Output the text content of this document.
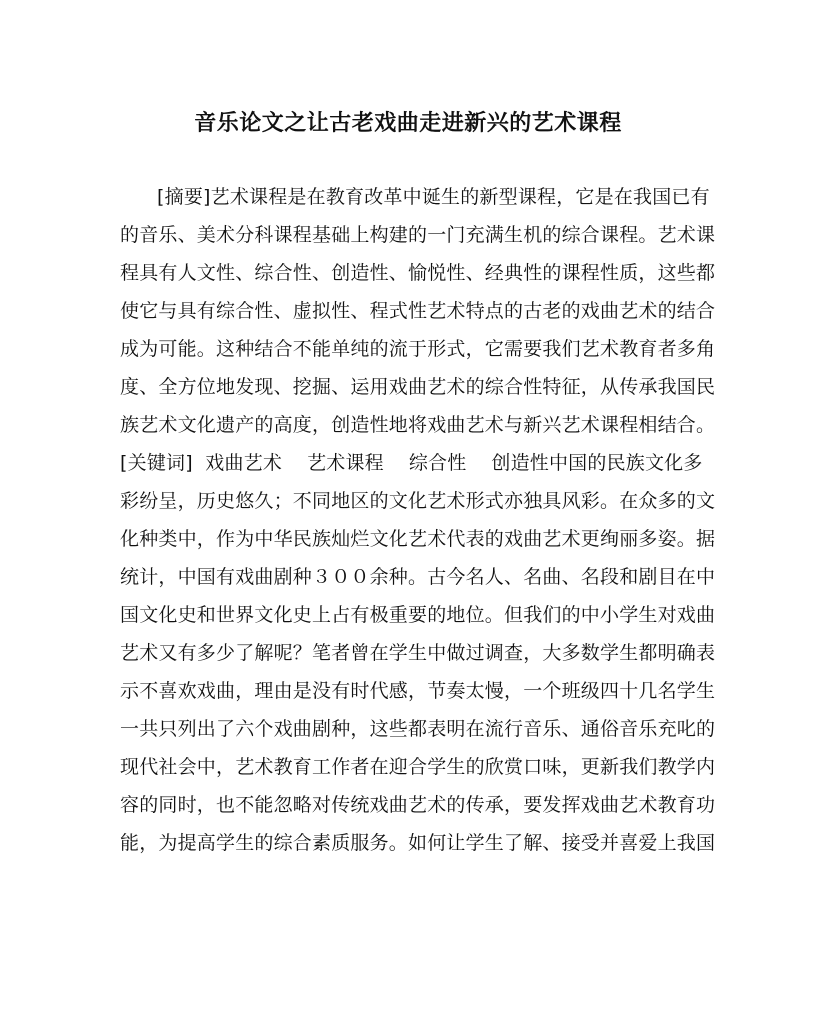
音乐论文之让古老戏曲走进新兴的艺术课程
[摘要]艺术课程是在教育改革中诞生的新型课程，它是在我国已有
的音乐、美术分科课程基础上构建的一门充满生机的综合课程。艺术课
程具有人文性、综合性、创造性、愉悦性、经典性的课程性质，这些都
使它与具有综合性、虚拟性、程式性艺术特点的古老的戏曲艺术的结合
成为可能。这种结合不能单纯的流于形式，它需要我们艺术教育者多角
度、全方位地发现、挖掘、运用戏曲艺术的综合性特征，从传承我国民
族艺术文化遗产的高度，创造性地将戏曲艺术与新兴艺术课程相结合。
[关键词]  戏曲艺术    艺术课程    综合性    创造性中国的民族文化多
彩纷呈，历史悠久；不同地区的文化艺术形式亦独具风彩。在众多的文
化种类中，作为中华民族灿烂文化艺术代表的戏曲艺术更绚丽多姿。据
统计，中国有戏曲剧种３００余种。古今名人、名曲、名段和剧目在中
国文化史和世界文化史上占有极重要的地位。但我们的中小学生对戏曲
艺术又有多少了解呢？笔者曾在学生中做过调查，大多数学生都明确表
示不喜欢戏曲，理由是没有时代感，节奏太慢，一个班级四十几名学生
一共只列出了六个戏曲剧种，这些都表明在流行音乐、通俗音乐充叱的
现代社会中，艺术教育工作者在迎合学生的欣赏口味，更新我们教学内
容的同时，也不能忽略对传统戏曲艺术的传承，要发挥戏曲艺术教育功
能，为提高学生的综合素质服务。如何让学生了解、接受并喜爱上我国
